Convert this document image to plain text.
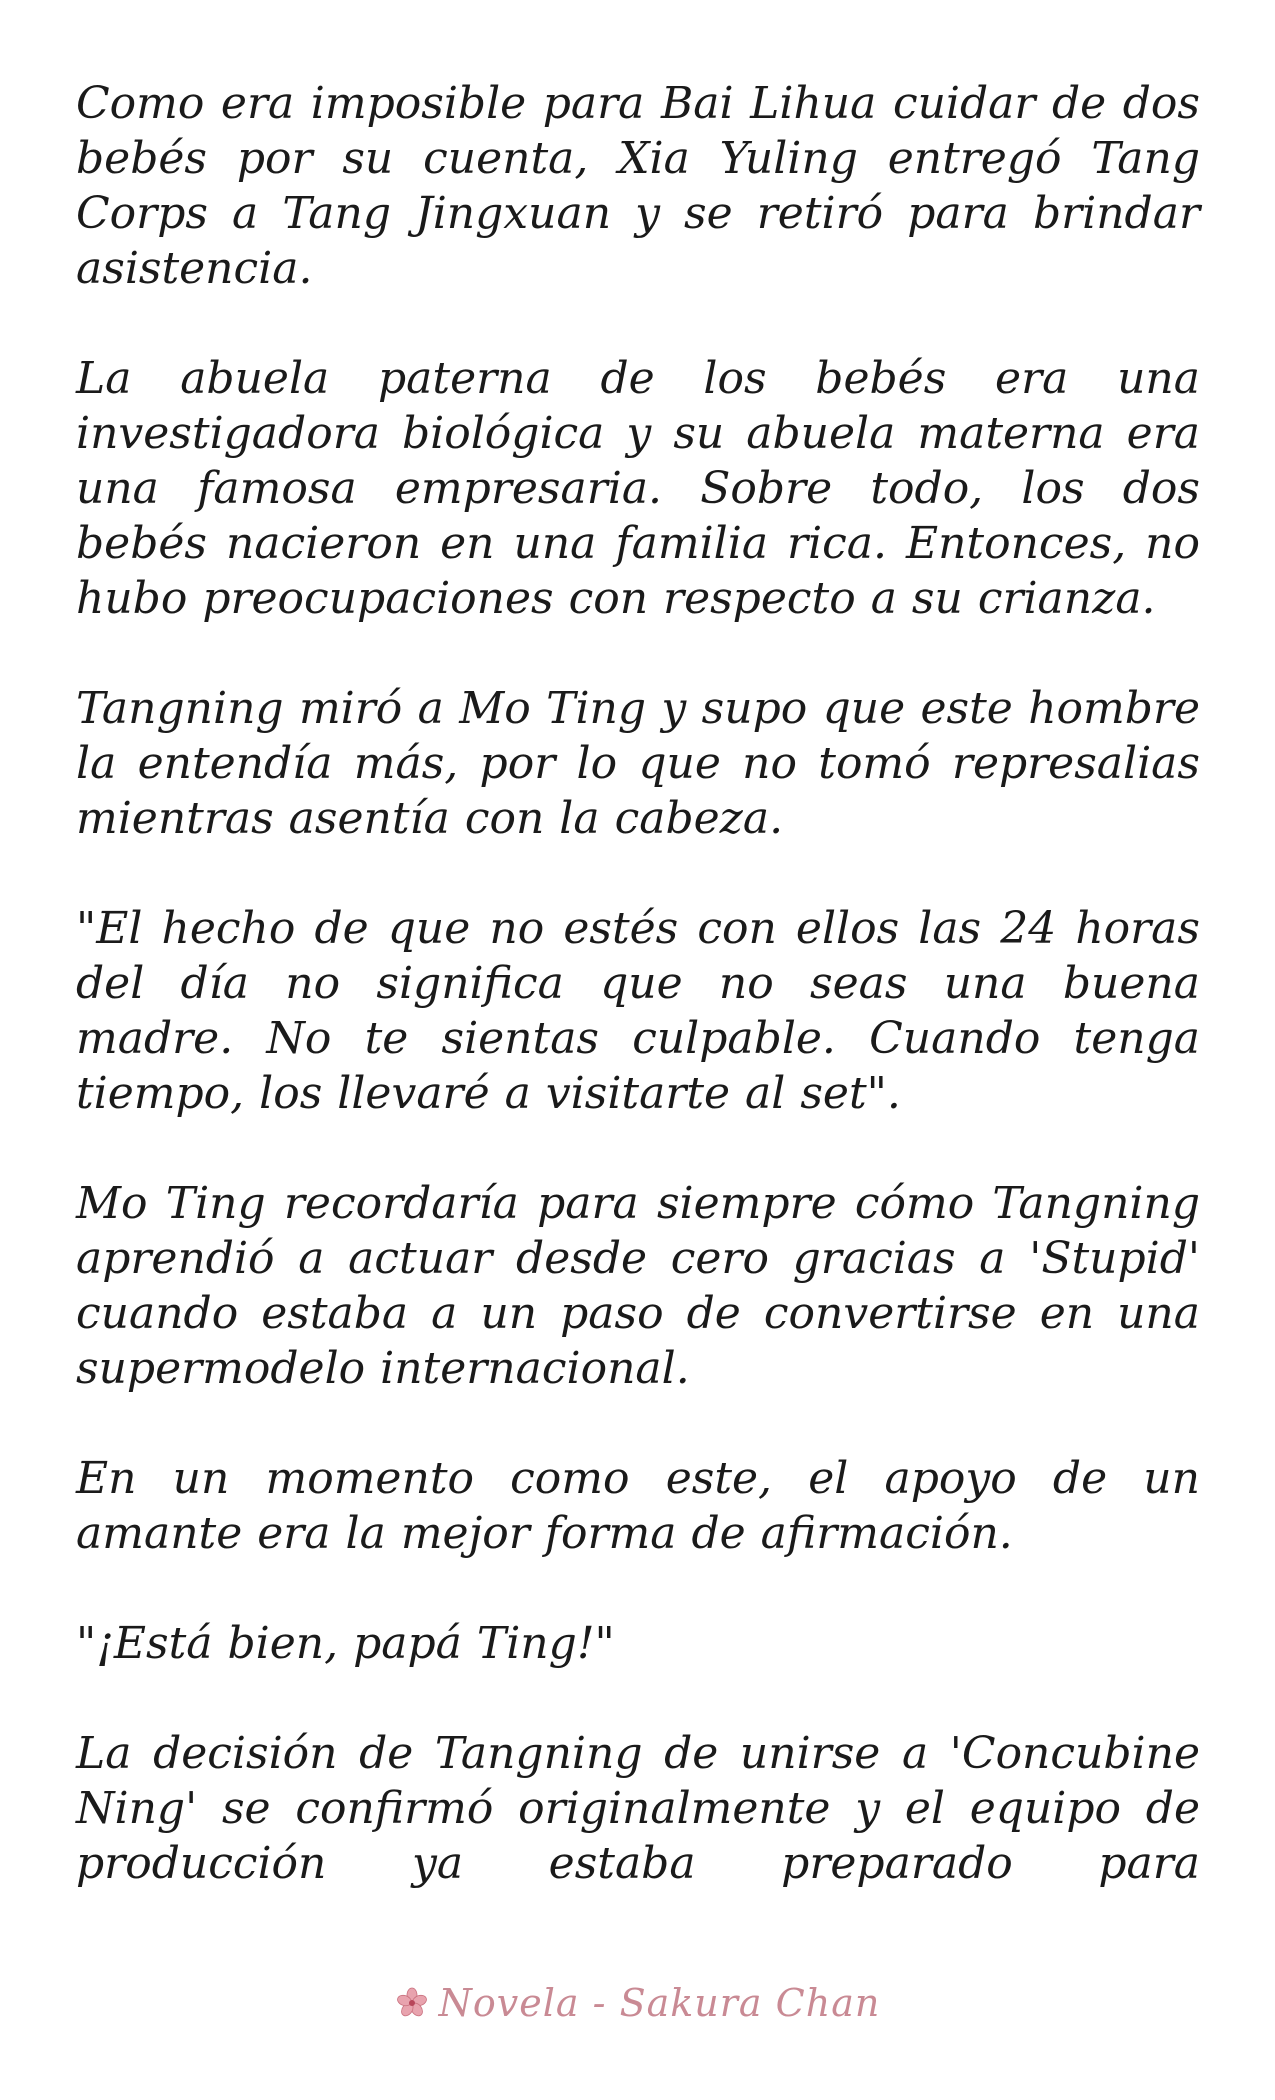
Como era imposible para Bai Lihua cuidar de dos bebés por su cuenta, Xia Yuling entregó Tang Corps a Tang Jingxuan y se retiró para brindar asistencia.

La abuela paterna de los bebés era una investigadora biológica y su abuela materna era una famosa empresaria. Sobre todo, los dos bebés nacieron en una familia rica. Entonces, no hubo preocupaciones con respecto a su crianza.

Tangning miró a Mo Ting y supo que este hombre la entendía más, por lo que no tomó represalias mientras asentía con la cabeza.

"El hecho de que no estés con ellos las 24 horas del día no significa que no seas una buena madre. No te sientas culpable. Cuando tenga tiempo, los llevaré a visitarte al set".

Mo Ting recordaría para siempre cómo Tangning aprendió a actuar desde cero gracias a 'Stupid' cuando estaba a un paso de convertirse en una supermodelo internacional.

En un momento como este, el apoyo de un amante era la mejor forma de afirmación.

"¡Está bien, papá Ting!"

La decisión de Tangning de unirse a 'Concubine Ning' se confirmó originalmente y el equipo de producción ya estaba preparado para

Novela - Sakura Chan
